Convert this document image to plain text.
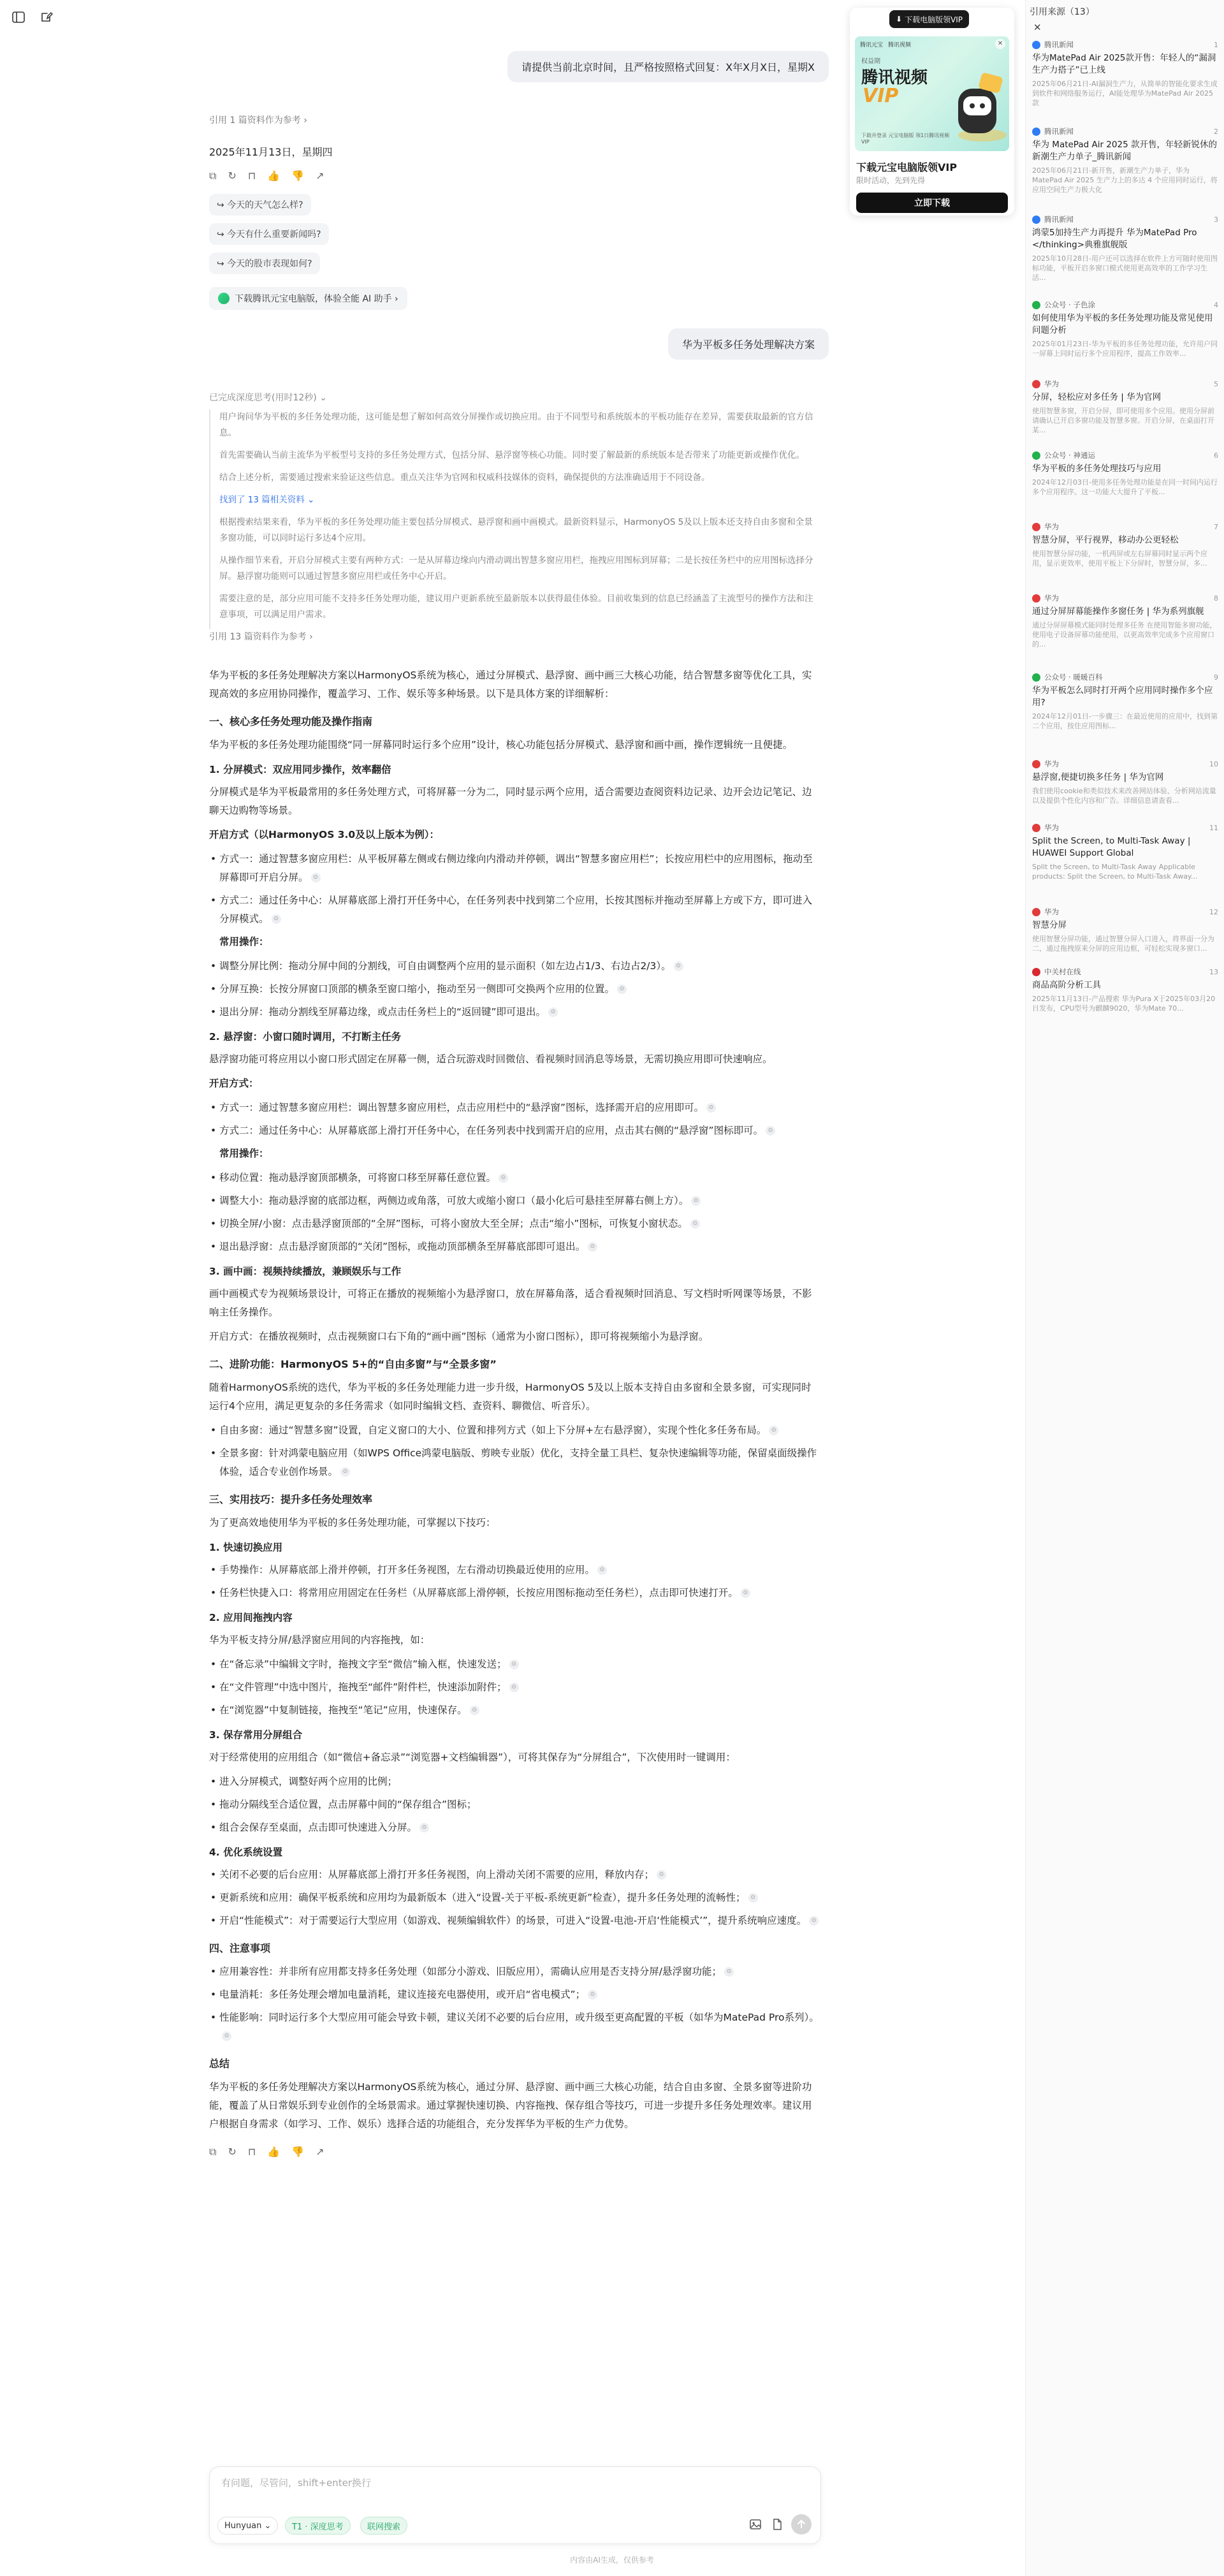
请提供当前北京时间，且严格按照格式回复：X年X月X日，星期X
引用 1 篇资料作为参考 ›
2025年11月13日，星期四
⧉ ↻ ⊓ 👍 👎 ↗
↪ 今天的天气怎么样?
↪ 今天有什么重要新闻吗?
↪ 今天的股市表现如何?
下载腾讯元宝电脑版，体验全能 AI 助手 ›
华为平板多任务处理解决方案
已完成深度思考(用时12秒) ⌄

用户询问华为平板的多任务处理功能，这可能是想了解如何高效分屏操作或切换应用。由于不同型号和系统版本的平板功能存在差异，需要获取最新的官方信息。

首先需要确认当前主流华为平板型号支持的多任务处理方式，包括分屏、悬浮窗等核心功能。同时要了解最新的系统版本是否带来了功能更新或操作优化。

结合上述分析，需要通过搜索来验证这些信息。重点关注华为官网和权威科技媒体的资料，确保提供的方法准确适用于不同设备。

找到了 13 篇相关资料 ⌄

根据搜索结果来看，华为平板的多任务处理功能主要包括分屏模式、悬浮窗和画中画模式。最新资料显示，HarmonyOS 5及以上版本还支持自由多窗和全景多窗功能，可以同时运行多达4个应用。

从操作细节来看，开启分屏模式主要有两种方式：一是从屏幕边缘向内滑动调出智慧多窗应用栏，拖拽应用图标到屏幕；二是长按任务栏中的应用图标选择分屏。悬浮窗功能则可以通过智慧多窗应用栏或任务中心开启。

需要注意的是，部分应用可能不支持多任务处理功能，建议用户更新系统至最新版本以获得最佳体验。目前收集到的信息已经涵盖了主流型号的操作方法和注意事项，可以满足用户需求。

引用 13 篇资料作为参考 ›

华为平板的多任务处理解决方案以HarmonyOS系统为核心，通过分屏模式、悬浮窗、画中画三大核心功能，结合智慧多窗等优化工具，实现高效的多应用协同操作，覆盖学习、工作、娱乐等多种场景。以下是具体方案的详细解析：

一、核心多任务处理功能及操作指南

华为平板的多任务处理功能围绕“同一屏幕同时运行多个应用”设计，核心功能包括分屏模式、悬浮窗和画中画，操作逻辑统一且便捷。

1. 分屏模式：双应用同步操作，效率翻倍

分屏模式是华为平板最常用的多任务处理方式，可将屏幕一分为二，同时显示两个应用，适合需要边查阅资料边记录、边开会边记笔记、边聊天边购物等场景。

开启方式（以HarmonyOS 3.0及以上版本为例）：

• 方式一：通过智慧多窗应用栏：从平板屏幕左侧或右侧边缘向内滑动并停顿，调出“智慧多窗应用栏”；长按应用栏中的应用图标，拖动至屏幕即可开启分屏。 ⊙
• 方式二：通过任务中心：从屏幕底部上滑打开任务中心，在任务列表中找到第二个应用，长按其图标并拖动至屏幕上方或下方，即可进入分屏模式。 ⊙

常用操作：

• 调整分屏比例：拖动分屏中间的分割线，可自由调整两个应用的显示面积（如左边占1/3、右边占2/3）。 ⊙
• 分屏互换：长按分屏窗口顶部的横条至窗口缩小，拖动至另一侧即可交换两个应用的位置。 ⊙
• 退出分屏：拖动分割线至屏幕边缘，或点击任务栏上的“返回键”即可退出。 ⊙
2. 悬浮窗：小窗口随时调用，不打断主任务

悬浮窗功能可将应用以小窗口形式固定在屏幕一侧，适合玩游戏时回微信、看视频时回消息等场景，无需切换应用即可快速响应。

开启方式：

• 方式一：通过智慧多窗应用栏：调出智慧多窗应用栏，点击应用栏中的“悬浮窗”图标，选择需开启的应用即可。 ⊙
• 方式二：通过任务中心：从屏幕底部上滑打开任务中心，在任务列表中找到需开启的应用，点击其右侧的“悬浮窗”图标即可。 ⊙

常用操作：

• 移动位置：拖动悬浮窗顶部横条，可将窗口移至屏幕任意位置。 ⊙
• 调整大小：拖动悬浮窗的底部边框，两侧边或角落，可放大或缩小窗口（最小化后可悬挂至屏幕右侧上方）。 ⊙
• 切换全屏/小窗：点击悬浮窗顶部的“全屏”图标，可将小窗放大至全屏；点击“缩小”图标，可恢复小窗状态。 ⊙
• 退出悬浮窗：点击悬浮窗顶部的“关闭”图标，或拖动顶部横条至屏幕底部即可退出。 ⊙
3. 画中画：视频持续播放，兼顾娱乐与工作

画中画模式专为视频场景设计，可将正在播放的视频缩小为悬浮窗口，放在屏幕角落，适合看视频时回消息、写文档时听网课等场景，不影响主任务操作。

开启方式：在播放视频时，点击视频窗口右下角的“画中画”图标（通常为小窗口图标），即可将视频缩小为悬浮窗。

二、进阶功能：HarmonyOS 5+的“自由多窗”与“全景多窗”

随着HarmonyOS系统的迭代，华为平板的多任务处理能力进一步升级，HarmonyOS 5及以上版本支持自由多窗和全景多窗，可实现同时运行4个应用，满足更复杂的多任务需求（如同时编辑文档、查资料、聊微信、听音乐）。

• 自由多窗：通过“智慧多窗”设置，自定义窗口的大小、位置和排列方式（如上下分屏+左右悬浮窗），实现个性化多任务布局。 ⊙
• 全景多窗：针对鸿蒙电脑应用（如WPS Office鸿蒙电脑版、剪映专业版）优化，支持全量工具栏、复杂快速编辑等功能，保留桌面级操作体验，适合专业创作场景。 ⊙
三、实用技巧：提升多任务处理效率

为了更高效地使用华为平板的多任务处理功能，可掌握以下技巧：

1. 快速切换应用
• 手势操作：从屏幕底部上滑并停顿，打开多任务视图，左右滑动切换最近使用的应用。 ⊙
• 任务栏快捷入口：将常用应用固定在任务栏（从屏幕底部上滑停顿，长按应用图标拖动至任务栏），点击即可快速打开。 ⊙
2. 应用间拖拽内容

华为平板支持分屏/悬浮窗应用间的内容拖拽，如：

• 在“备忘录”中编辑文字时，拖拽文字至“微信”输入框，快速发送； ⊙
• 在“文件管理”中选中图片，拖拽至“邮件”附件栏，快速添加附件； ⊙
• 在“浏览器”中复制链接，拖拽至“笔记”应用，快速保存。 ⊙
3. 保存常用分屏组合

对于经常使用的应用组合（如“微信+备忘录”“浏览器+文档编辑器”），可将其保存为“分屏组合”，下次使用时一键调用：

• 进入分屏模式，调整好两个应用的比例；
• 拖动分隔线至合适位置，点击屏幕中间的“保存组合”图标；
• 组合会保存至桌面，点击即可快速进入分屏。 ⊙
4. 优化系统设置
• 关闭不必要的后台应用：从屏幕底部上滑打开多任务视图，向上滑动关闭不需要的应用，释放内存； ⊙
• 更新系统和应用：确保平板系统和应用均为最新版本（进入“设置-关于平板-系统更新”检查），提升多任务处理的流畅性； ⊙
• 开启“性能模式”：对于需要运行大型应用（如游戏、视频编辑软件）的场景，可进入“设置-电池-开启‘性能模式’”，提升系统响应速度。 ⊙
四、注意事项
• 应用兼容性：并非所有应用都支持多任务处理（如部分小游戏、旧版应用），需确认应用是否支持分屏/悬浮窗功能； ⊙
• 电量消耗：多任务处理会增加电量消耗，建议连接充电器使用，或开启“省电模式”； ⊙
• 性能影响：同时运行多个大型应用可能会导致卡顿，建议关闭不必要的后台应用，或升级至更高配置的平板（如华为MatePad Pro系列）。⊙
总结

华为平板的多任务处理解决方案以HarmonyOS系统为核心，通过分屏、悬浮窗、画中画三大核心功能，结合自由多窗、全景多窗等进阶功能，覆盖了从日常娱乐到专业创作的全场景需求。通过掌握快速切换、内容拖拽、保存组合等技巧，可进一步提升多任务处理效率。建议用户根据自身需求（如学习、工作、娱乐）选择合适的功能组合，充分发挥华为平板的生产力优势。

⧉ ↻ ⊓ 👍 👎 ↗
有问题，尽管问，shift+enter换行
Hunyuan ⌄	T1 · 深度思考	联网搜索
内容由AI生成，仅供参考
⬇ 下载电脑版领VIP
腾讯元宝 腾讯视频	✕
权益期
腾讯视频
VIP
下载并登录 元宝电脑版 领1日腾讯视频VIP
下载元宝电脑版领VIP
限时活动，先到先得
立即下载
引用来源（13）
✕
腾讯新闻	1
华为MatePad Air 2025款开售：年轻人的“漏洞生产力搭子”已上线
2025年06月21日-AI漏洞生产力，从简单的智能化要求生成到软件和网络服务运行，AI能处理华为MatePad Air 2025款
腾讯新闻	2
华为 MatePad Air 2025 款开售，年轻新锐休的新潮生产力单子_腾讯新闻
2025年06月21日-新开售，新潮生产力单子，华为MatePad Air 2025 生产力上的多达 4 个应用同时运行，将应用空间生产力极大化
腾讯新闻	3
鸿蒙5加持生产力再提升 华为MatePad Pro </thinking>典雅旗舰版
2025年10月28日-用户还可以选择在软件上方可随时使用图标功能，平板开启多窗口模式使用更高效率的工作学习生活...
公众号 · 子色涂	4
如何使用华为平板的多任务处理功能及常见使用问题分析
2025年01月23日-华为平板的多任务处理功能，允许用户同一屏幕上同时运行多个应用程序，提高工作效率...
华为	5
分屏，轻松应对多任务 | 华为官网
使用智慧多窗，开启分屏，即可使用多个应用。使用分屏前请确认已开启多窗功能及智慧多窗。开启分屏，在桌面打开某...
公众号 · 神通运	6
华为平板的多任务处理技巧与应用
2024年12月03日-使用多任务处理功能是在同一时间内运行多个应用程序。这一功能大大提升了平板...
华为	7
智慧分屏，平行视界，移动办公更轻松
使用智慧分屏功能，一机两屏或左右屏幕同时显示两个应用，显示更效率，使用平板上下分屏时，智慧分屏，多...
华为	8
通过分屏屏幕能操作多窗任务 | 华为系列旗舰
通过分屏屏幕模式能同时处理多任务 在使用智能多窗功能，使用电子设备屏幕功能使用，以更高效率完成多个应用窗口的...
公众号 · 暖暖百科	9
华为平板怎么同时打开两个应用同时操作多个应用?
2024年12月01日-一步骤三：在最近使用的应用中，找到第二个应用，按住应用图标...
华为	10
悬浮窗,便捷切换多任务 | 华为官网
我们使用cookie和类似技术来改善网站体验、分析网站流量以及提供个性化内容和广告。详细信息请查看...
华为	11
Split the Screen, to Multi-Task Away | HUAWEI Support Global
Split the Screen, to Multi-Task Away Applicable products: Split the Screen, to Multi-Task Away...
华为	12
智慧分屏
使用智慧分屏功能，通过智慧分屏入口进入，将界面一分为二，通过拖拽原来分屏的应用边框，可轻松实现多窗口...
中关村在线	13
商品高阶分析工具
2025年11月13日-产品搜索 华为Pura X于2025年03月20日发布，CPU型号为麒麟9020，华为Mate 70...
